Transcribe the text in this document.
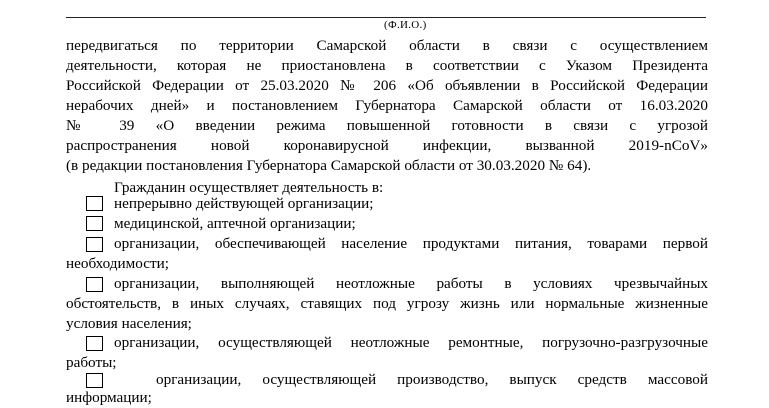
(Ф.И.О.)
передвигаться по территории Самарской области в связи с осуществлением
деятельности, которая не приостановлена в соответствии с Указом Президента
Российской Федерации от 25.03.2020 № 206 «Об объявлении в Российской Федерации
нерабочих дней» и постановлением Губернатора Самарской области от 16.03.2020
№ 39 «О введении режима повышенной готовности в связи с угрозой
распространения новой коронавирусной инфекции, вызванной 2019-nCoV»
(в редакции постановления Губернатора Самарской области от 30.03.2020 № 64).
Гражданин осуществляет деятельность в:
непрерывно действующей организации;
медицинской, аптечной организации;
организации, обеспечивающей население продуктами питания, товарами первой
необходимости;
организации, выполняющей неотложные работы в условиях чрезвычайных
обстоятельств, в иных случаях, ставящих под угрозу жизнь или нормальные жизненные
условия населения;
организации, осуществляющей неотложные ремонтные, погрузочно-разгрузочные
работы;
организации, осуществляющей производство, выпуск средств массовой
информации;
